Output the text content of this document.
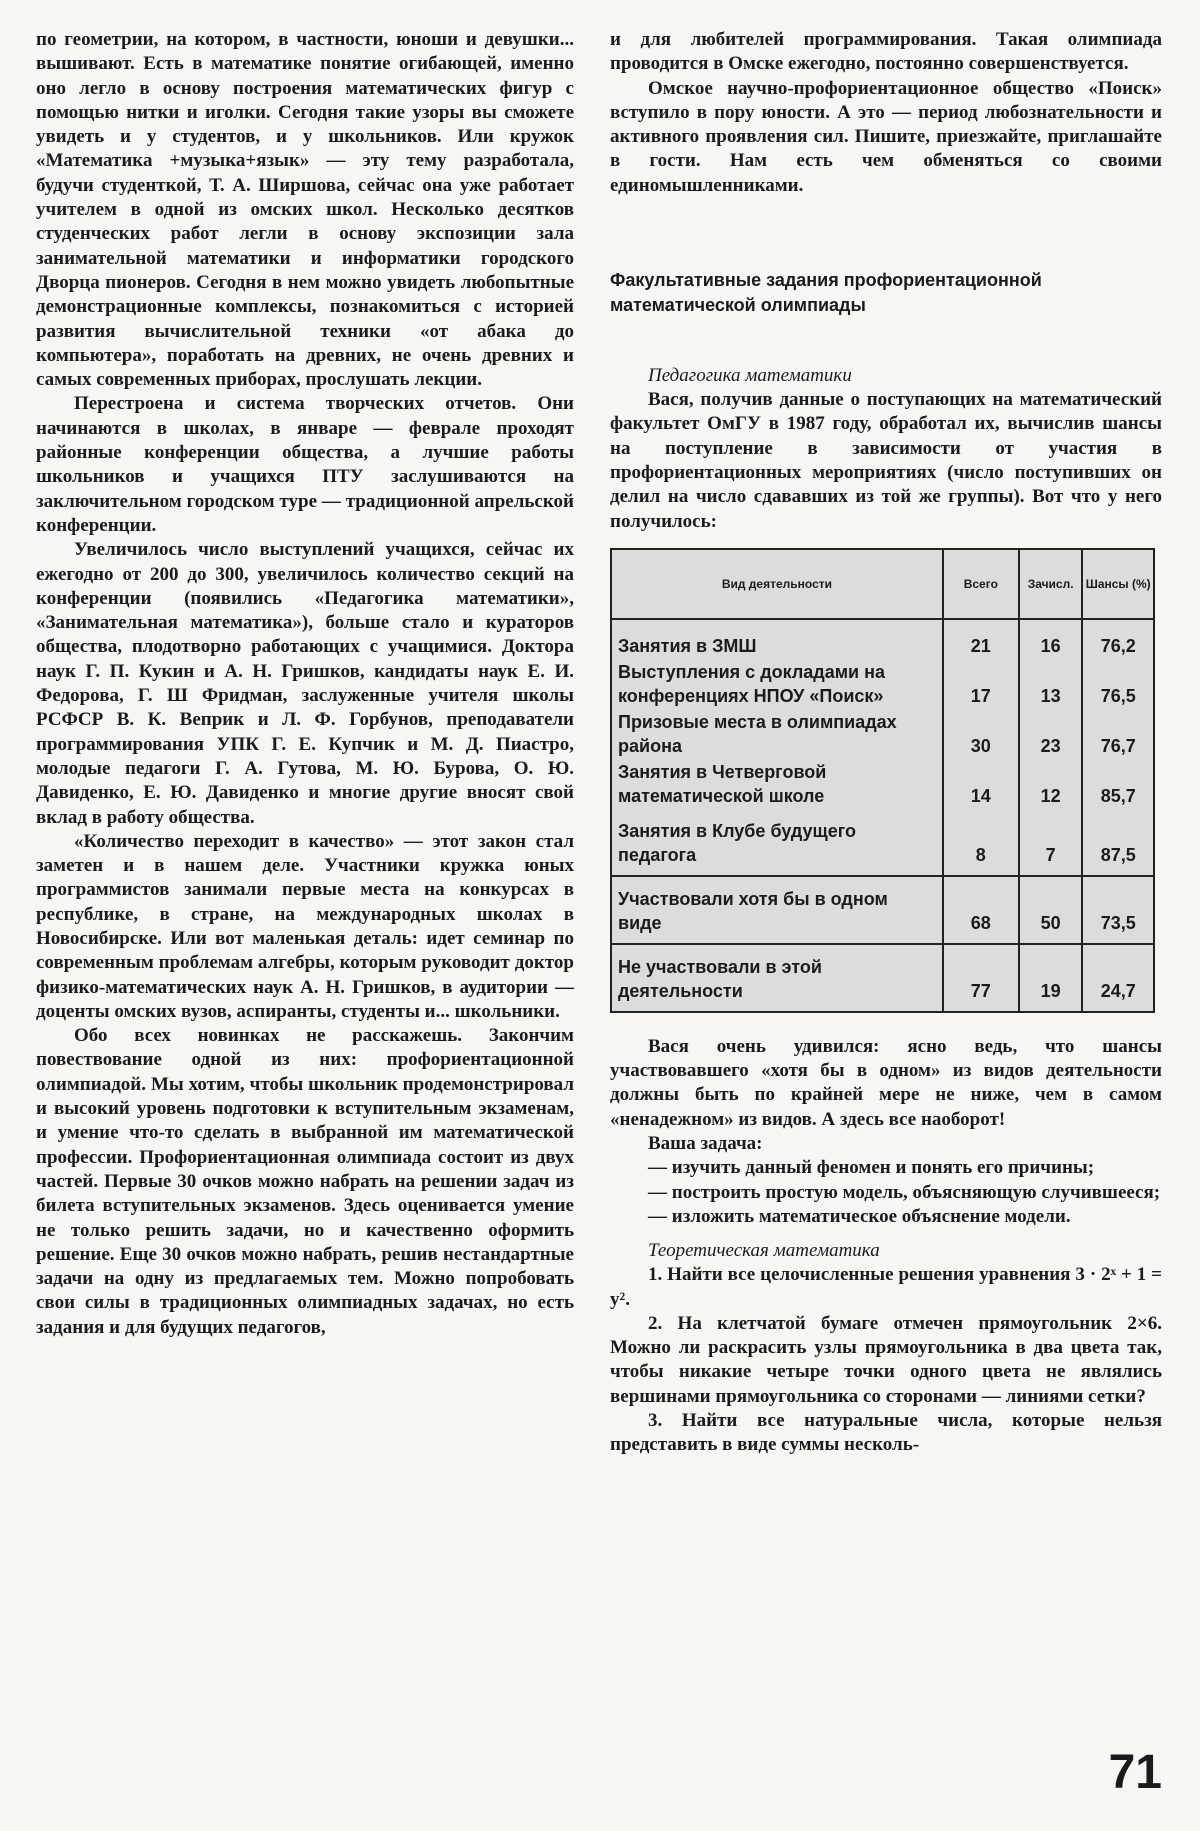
по геометрии, на котором, в частности, юноши и девушки... вышивают. Есть в математике понятие огибающей, именно оно легло в основу построения математических фигур с помощью нитки и иголки. Сегодня такие узоры вы сможете увидеть и у студентов, и у школьников. Или кружок «Математика +музыка+язык» — эту тему разработала, будучи студенткой, Т. А. Ширшова, сейчас она уже работает учителем в одной из омских школ. Несколько десятков студенческих работ легли в основу экспозиции зала занимательной математики и информатики городского Дворца пионеров. Сегодня в нем можно увидеть любопытные демонстрационные комплексы, познакомиться с историей развития вычислительной техники «от абака до компьютера», поработать на древних, не очень древних и самых современных приборах, прослушать лекции.

Перестроена и система творческих отчетов. Они начинаются в школах, в январе — феврале проходят районные конференции общества, а лучшие работы школьников и учащихся ПТУ заслушиваются на заключительном городском туре — традиционной апрельской конференции.

Увеличилось число выступлений учащихся, сейчас их ежегодно от 200 до 300, увеличилось количество секций на конференции (появились «Педагогика математики», «Занимательная математика»), больше стало и кураторов общества, плодотворно работающих с учащимися. Доктора наук Г. П. Кукин и А. Н. Гришков, кандидаты наук Е. И. Федорова, Г. Ш Фридман, заслуженные учителя школы РСФСР В. К. Веприк и Л. Ф. Горбунов, преподаватели программирования УПК Г. Е. Купчик и М. Д. Пиастро, молодые педагоги Г. А. Гутова, М. Ю. Бурова, О. Ю. Давиденко, Е. Ю. Давиденко и многие другие вносят свой вклад в работу общества.

«Количество переходит в качество» — этот закон стал заметен и в нашем деле. Участники кружка юных программистов занимали первые места на конкурсах в республике, в стране, на международных школах в Новосибирске. Или вот маленькая деталь: идет семинар по современным проблемам алгебры, которым руководит доктор физико-математических наук А. Н. Гришков, в аудитории — доценты омских вузов, аспиранты, студенты и... школьники.

Обо всех новинках не расскажешь. Закончим повествование одной из них: профориентационной олимпиадой. Мы хотим, чтобы школьник продемонстрировал и высокий уровень подготовки к вступительным экзаменам, и умение что-то сделать в выбранной им математической профессии. Профориентационная олимпиада состоит из двух частей. Первые 30 очков можно набрать на решении задач из билета вступительных экзаменов. Здесь оценивается умение не только решить задачи, но и качественно оформить решение. Еще 30 очков можно набрать, решив нестандартные задачи на одну из предлагаемых тем. Можно попробовать свои силы в традиционных олимпиадных задачах, но есть задания и для будущих педагогов,

и для любителей программирования. Такая олимпиада проводится в Омске ежегодно, постоянно совершенствуется.

Омское научно-профориентационное общество «Поиск» вступило в пору юности. А это — период любознательности и активного проявления сил. Пишите, приезжайте, приглашайте в гости. Нам есть чем обменяться со своими единомышленниками.

Факультативные задания профориентационной математической олимпиады
Педагогика математики

Вася, получив данные о поступающих на математический факультет ОмГУ в 1987 году, обработал их, вычислив шансы на поступление в зависимости от участия в профориентационных мероприятиях (число поступивших он делил на число сдававших из той же группы). Вот что у него получилось:

Вид деятельности	Всего	Зачисл.	Шансы (%)
Занятия в ЗМШ	21	16	76,2
Выступления с докладами на конференциях НПОУ «Поиск»	17	13	76,5
Призовые места в олимпиадах района	30	23	76,7
Занятия в Четверговой математической школе	14	12	85,7
Занятия в Клубе будущего педагога	8	7	87,5
Участвовали хотя бы в одном виде	68	50	73,5
Не участвовали в этой деятельности	77	19	24,7

Вася очень удивился: ясно ведь, что шансы участвовавшего «хотя бы в одном» из видов деятельности должны быть по крайней мере не ниже, чем в самом «ненадежном» из видов. А здесь все наоборот!

Ваша задача:

— изучить данный феномен и понять его причины;

— построить простую модель, объясняющую случившееся;

— изложить математическое объяснение модели.

Теоретическая математика

1. Найти все целочисленные решения уравнения 3 · 2ˣ + 1 = y².

2. На клетчатой бумаге отмечен прямоугольник 2×6. Можно ли раскрасить узлы прямоугольника в два цвета так, чтобы никакие четыре точки одного цвета не являлись вершинами прямоугольника со сторонами — линиями сетки?

3. Найти все натуральные числа, которые нельзя представить в виде суммы несколь-

71
